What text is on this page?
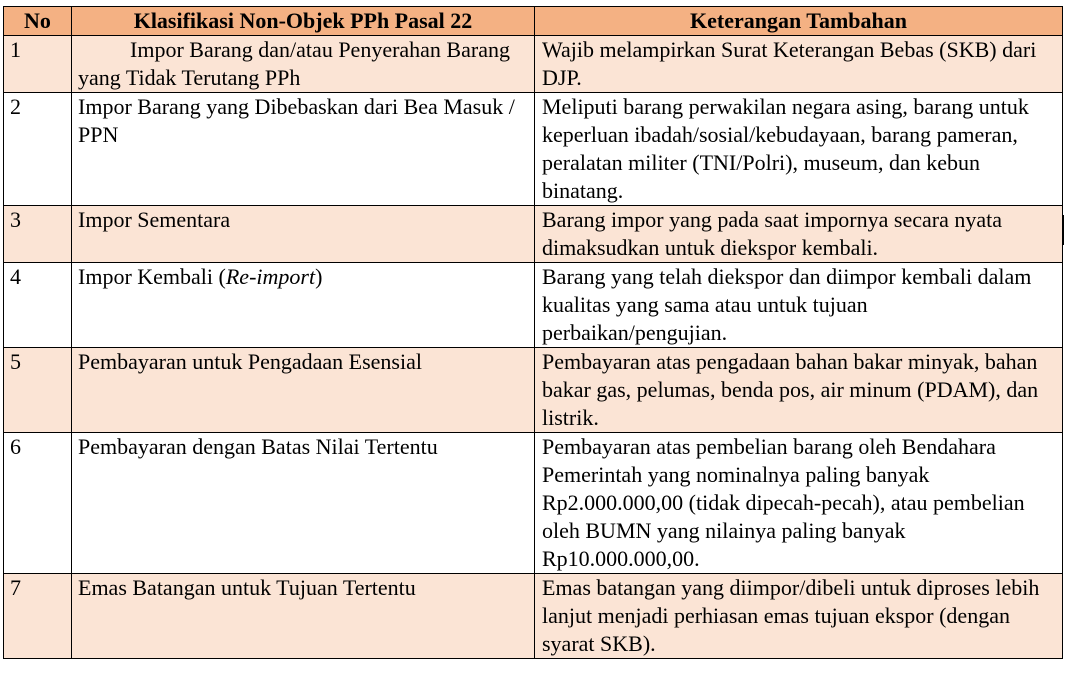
No	Klasifikasi Non-Objek PPh Pasal 22	Keterangan Tambahan
1	Impor Barang dan/atau Penyerahan Barang yang Tidak Terutang PPh	Wajib melampirkan Surat Keterangan Bebas (SKB) dari DJP.
2	Impor Barang yang Dibebaskan dari Bea Masuk / PPN	Meliputi barang perwakilan negara asing, barang untuk keperluan ibadah/sosial/kebudayaan, barang pameran, peralatan militer (TNI/Polri), museum, dan kebun binatang.
3	Impor Sementara	Barang impor yang pada saat impornya secara nyata dimaksudkan untuk diekspor kembali.
4	Impor Kembali (Re-import)	Barang yang telah diekspor dan diimpor kembali dalam kualitas yang sama atau untuk tujuan perbaikan/pengujian.
5	Pembayaran untuk Pengadaan Esensial	Pembayaran atas pengadaan bahan bakar minyak, bahan bakar gas, pelumas, benda pos, air minum (PDAM), dan listrik.
6	Pembayaran dengan Batas Nilai Tertentu	Pembayaran atas pembelian barang oleh Bendahara Pemerintah yang nominalnya paling banyak Rp2.000.000,00 (tidak dipecah-pecah), atau pembelian oleh BUMN yang nilainya paling banyak Rp10.000.000,00.
7	Emas Batangan untuk Tujuan Tertentu	Emas batangan yang diimpor/dibeli untuk diproses lebih lanjut menjadi perhiasan emas tujuan ekspor (dengan syarat SKB).
